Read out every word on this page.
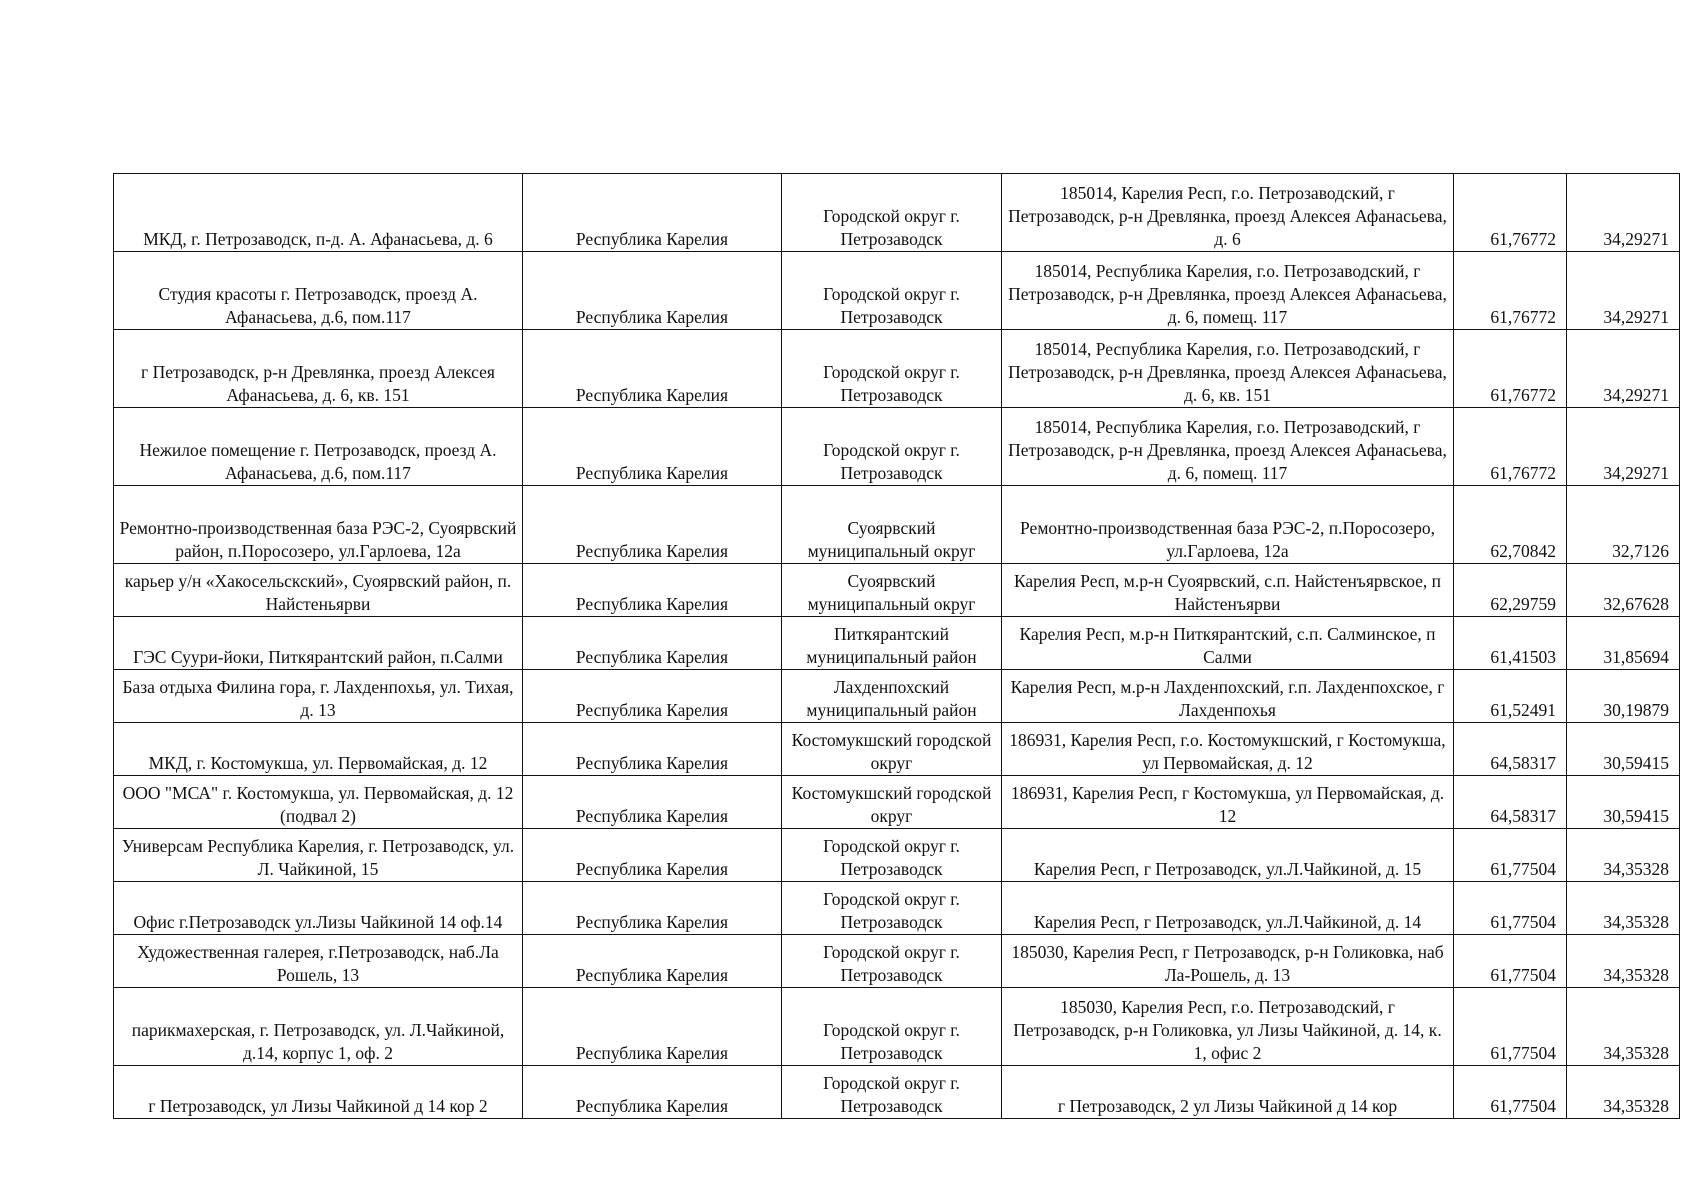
МКД, г. Петрозаводск, п-д. А. Афанасьева, д. 6	Республика Карелия	Городской округ г. Петрозаводск	185014, Карелия Респ, г.о. Петрозаводский, г Петрозаводск, р-н Древлянка, проезд Алексея Афанасьева, д. 6	61,76772	34,29271
Студия красоты г. Петрозаводск, проезд А. Афанасьева, д.6, пом.117	Республика Карелия	Городской округ г. Петрозаводск	185014, Республика Карелия, г.о. Петрозаводский, г Петрозаводск, р-н Древлянка, проезд Алексея Афанасьева, д. 6, помещ. 117	61,76772	34,29271
г Петрозаводск, р-н Древлянка, проезд Алексея Афанасьева, д. 6, кв. 151	Республика Карелия	Городской округ г. Петрозаводск	185014, Республика Карелия, г.о. Петрозаводский, г Петрозаводск, р-н Древлянка, проезд Алексея Афанасьева, д. 6, кв. 151	61,76772	34,29271
Нежилое помещение г. Петрозаводск, проезд А. Афанасьева, д.6, пом.117	Республика Карелия	Городской округ г. Петрозаводск	185014, Республика Карелия, г.о. Петрозаводский, г Петрозаводск, р-н Древлянка, проезд Алексея Афанасьева, д. 6, помещ. 117	61,76772	34,29271
Ремонтно-производственная база РЭС-2, Суоярвский район, п.Поросозеро, ул.Гарлоева, 12а	Республика Карелия	Суоярвский муниципальный округ	Ремонтно-производственная база РЭС-2, п.Поросозеро, ул.Гарлоева, 12а	62,70842	32,7126
карьер у/н «Хакосельскский», Суоярвский район, п. Найстеньярви	Республика Карелия	Суоярвский муниципальный округ	Карелия Респ, м.р-н Суоярвский, с.п. Найстенъярвское, п Найстенъярви	62,29759	32,67628
ГЭС Суури-йоки, Питкярантский район, п.Салми	Республика Карелия	Питкярантский муниципальный район	Карелия Респ, м.р-н Питкярантский, с.п. Салминское, п Салми	61,41503	31,85694
База отдыха Филина гора, г. Лахденпохья, ул. Тихая, д. 13	Республика Карелия	Лахденпохский муниципальный район	Карелия Респ, м.р-н Лахденпохский, г.п. Лахденпохское, г Лахденпохья	61,52491	30,19879
МКД, г. Костомукша, ул. Первомайская, д. 12	Республика Карелия	Костомукшский городской округ	186931, Карелия Респ, г.о. Костомукшский, г Костомукша, ул Первомайская, д. 12	64,58317	30,59415
ООО "МСА" г. Костомукша, ул. Первомайская, д. 12 (подвал 2)	Республика Карелия	Костомукшский городской округ	186931, Карелия Респ, г Костомукша, ул Первомайская, д. 12	64,58317	30,59415
Универсам Республика Карелия, г. Петрозаводск, ул. Л. Чайкиной, 15	Республика Карелия	Городской округ г. Петрозаводск	Карелия Респ, г Петрозаводск, ул.Л.Чайкиной, д. 15	61,77504	34,35328
Офис г.Петрозаводск ул.Лизы Чайкиной 14 оф.14	Республика Карелия	Городской округ г. Петрозаводск	Карелия Респ, г Петрозаводск, ул.Л.Чайкиной, д. 14	61,77504	34,35328
Художественная галерея, г.Петрозаводск, наб.Ла Рошель, 13	Республика Карелия	Городской округ г. Петрозаводск	185030, Карелия Респ, г Петрозаводск, р-н Голиковка, наб Ла-Рошель, д. 13	61,77504	34,35328
парикмахерская, г. Петрозаводск, ул. Л.Чайкиной, д.14, корпус 1, оф. 2	Республика Карелия	Городской округ г. Петрозаводск	185030, Карелия Респ, г.о. Петрозаводский, г Петрозаводск, р-н Голиковка, ул Лизы Чайкиной, д. 14, к. 1, офис 2	61,77504	34,35328
г Петрозаводск, ул Лизы Чайкиной д 14 кор 2	Республика Карелия	Городской округ г. Петрозаводск	г Петрозаводск, 2 ул Лизы Чайкиной д 14 кор	61,77504	34,35328
